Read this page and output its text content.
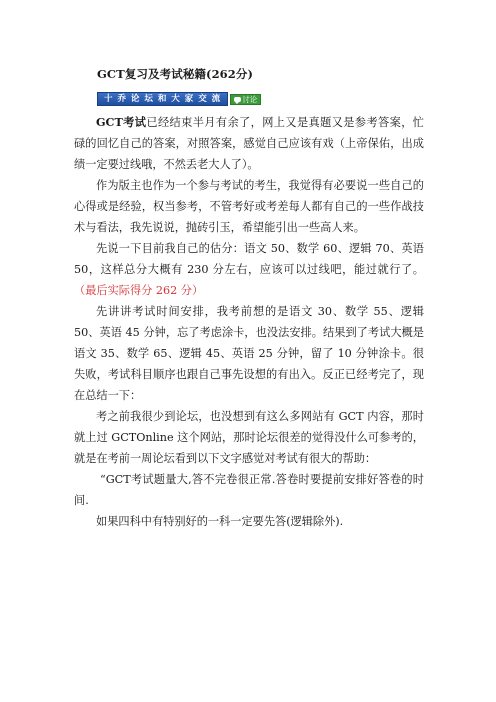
GCT复习及考试秘籍(262分)
十 乔 论 坛 和 大 家 交 流	讨论

GCT考试已经结束半月有余了，网上又是真题又是参考答案，忙碌的回忆自己的答案，对照答案，感觉自己应该有戏（上帝保佑，出成绩一定要过线哦，不然丢老大人了）。

作为版主也作为一个参与考试的考生，我觉得有必要说一些自己的心得或是经验，权当参考，不管考好或考差每人都有自己的一些作战技术与看法，我先说说，抛砖引玉，希望能引出一些高人来。

先说一下目前我自己的估分：语文 50、数学 60、逻辑 70、英语 50，这样总分大概有 230 分左右，应该可以过线吧，能过就行了。（最后实际得分 262 分）

先讲讲考试时间安排，我考前想的是语文 30、数学 55、逻辑 50、英语 45 分钟，忘了考虑涂卡，也没法安排。结果到了考试大概是语文 35、数学 65、逻辑 45、英语 25 分钟，留了 10 分钟涂卡。很失败，考试科目顺序也跟自己事先设想的有出入。反正已经考完了，现在总结一下：

考之前我很少到论坛，也没想到有这么多网站有 GCT 内容，那时就上过 GCTOnline 这个网站，那时论坛很差的觉得没什么可参考的，就是在考前一周论坛看到以下文字感觉对考试有很大的帮助：

“GCT考试题量大,答不完卷很正常.答卷时要提前安排好答卷的时间.

如果四科中有特别好的一科一定要先答(逻辑除外).
